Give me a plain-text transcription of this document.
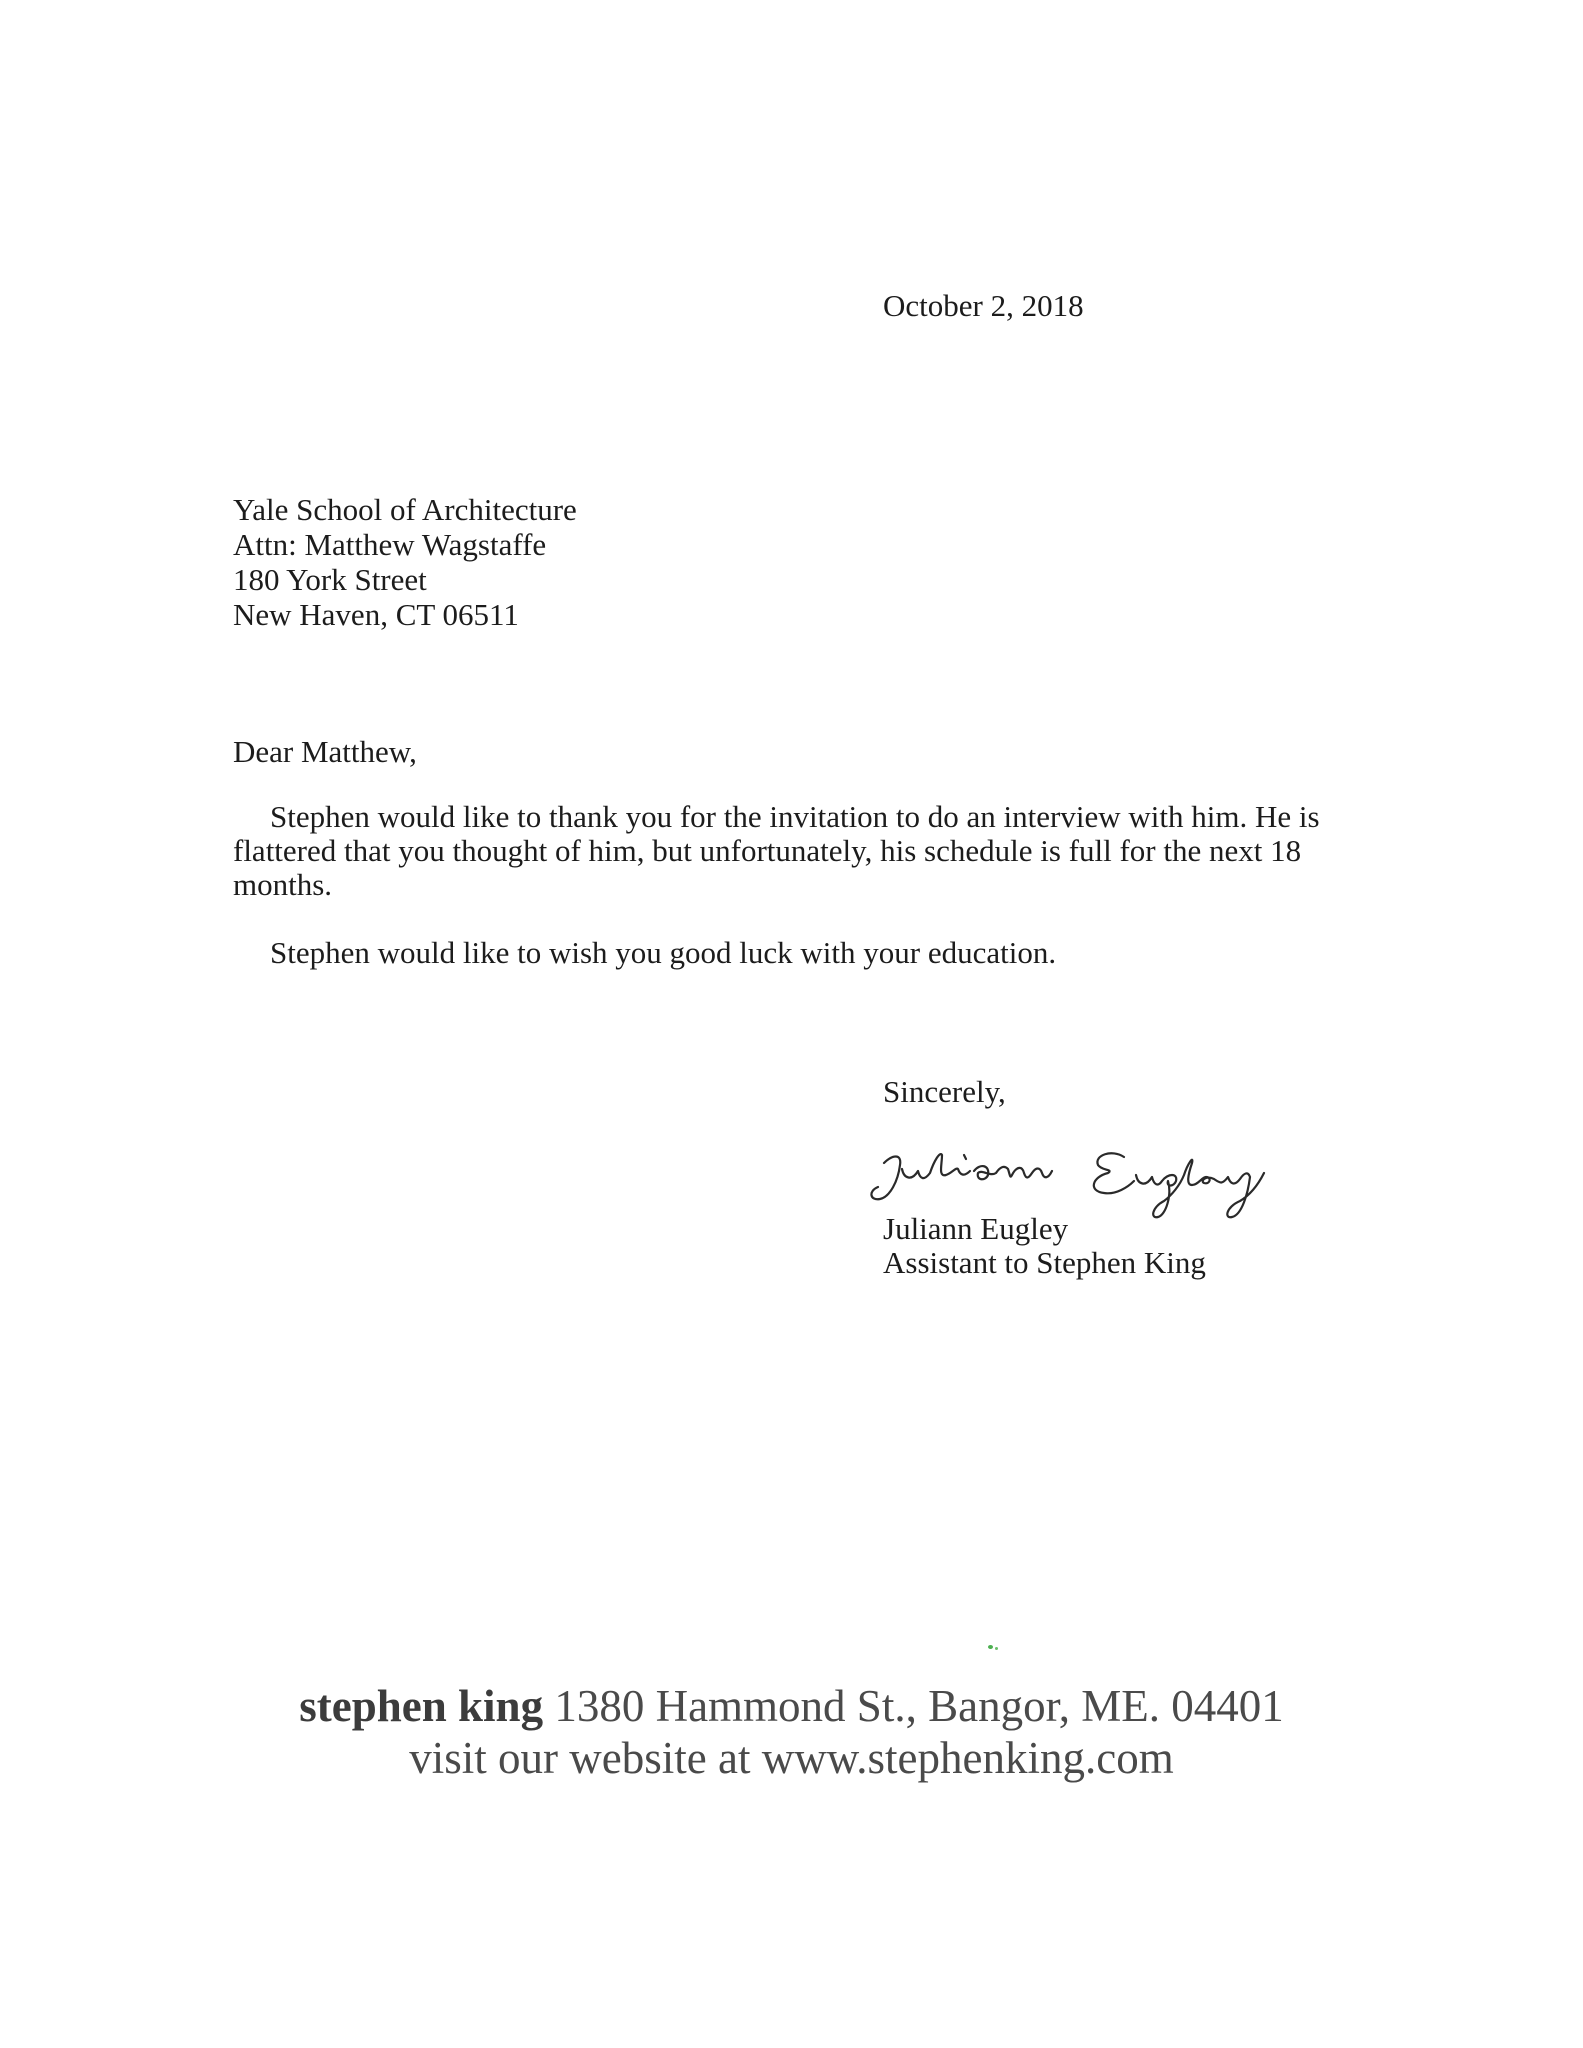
October 2, 2018
Yale School of Architecture
Attn: Matthew Wagstaffe
180 York Street
New Haven, CT 06511
Dear Matthew,

Stephen would like to thank you for the invitation to do an interview with him. He is flattered that you thought of him, but unfortunately, his schedule is full for the next 18 months.

Stephen would like to wish you good luck with your education.

Sincerely,
Juliann Eugley
Assistant to Stephen King
stephen king 1380 Hammond St., Bangor, ME. 04401
visit our website at www.stephenking.com
